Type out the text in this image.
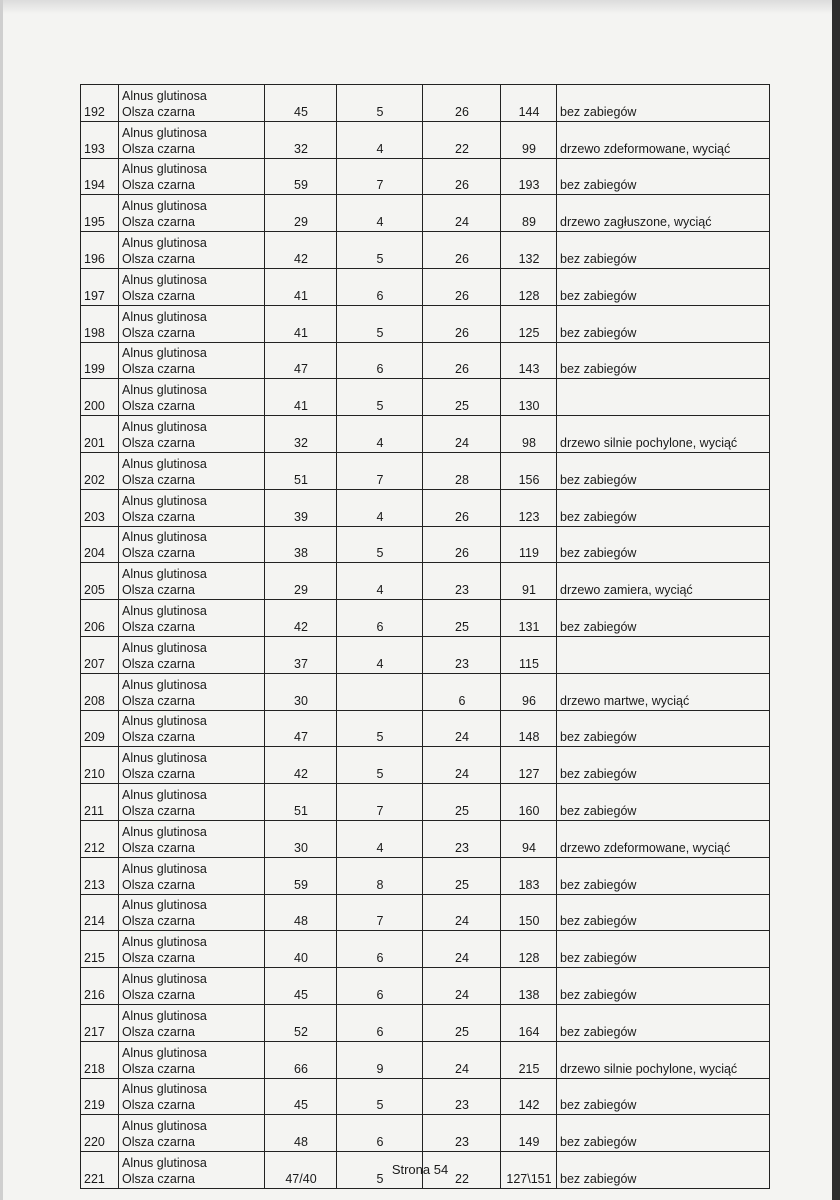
192	Alnus glutinosa
Olsza czarna	45	5	26	144	bez zabiegów
193	Alnus glutinosa
Olsza czarna	32	4	22	99	drzewo zdeformowane, wyciąć
194	Alnus glutinosa
Olsza czarna	59	7	26	193	bez zabiegów
195	Alnus glutinosa
Olsza czarna	29	4	24	89	drzewo zagłuszone, wyciąć
196	Alnus glutinosa
Olsza czarna	42	5	26	132	bez zabiegów
197	Alnus glutinosa
Olsza czarna	41	6	26	128	bez zabiegów
198	Alnus glutinosa
Olsza czarna	41	5	26	125	bez zabiegów
199	Alnus glutinosa
Olsza czarna	47	6	26	143	bez zabiegów
200	Alnus glutinosa
Olsza czarna	41	5	25	130	
201	Alnus glutinosa
Olsza czarna	32	4	24	98	drzewo silnie pochylone, wyciąć
202	Alnus glutinosa
Olsza czarna	51	7	28	156	bez zabiegów
203	Alnus glutinosa
Olsza czarna	39	4	26	123	bez zabiegów
204	Alnus glutinosa
Olsza czarna	38	5	26	119	bez zabiegów
205	Alnus glutinosa
Olsza czarna	29	4	23	91	drzewo zamiera, wyciąć
206	Alnus glutinosa
Olsza czarna	42	6	25	131	bez zabiegów
207	Alnus glutinosa
Olsza czarna	37	4	23	115	
208	Alnus glutinosa
Olsza czarna	30		6	96	drzewo martwe, wyciąć
209	Alnus glutinosa
Olsza czarna	47	5	24	148	bez zabiegów
210	Alnus glutinosa
Olsza czarna	42	5	24	127	bez zabiegów
211	Alnus glutinosa
Olsza czarna	51	7	25	160	bez zabiegów
212	Alnus glutinosa
Olsza czarna	30	4	23	94	drzewo zdeformowane, wyciąć
213	Alnus glutinosa
Olsza czarna	59	8	25	183	bez zabiegów
214	Alnus glutinosa
Olsza czarna	48	7	24	150	bez zabiegów
215	Alnus glutinosa
Olsza czarna	40	6	24	128	bez zabiegów
216	Alnus glutinosa
Olsza czarna	45	6	24	138	bez zabiegów
217	Alnus glutinosa
Olsza czarna	52	6	25	164	bez zabiegów
218	Alnus glutinosa
Olsza czarna	66	9	24	215	drzewo silnie pochylone, wyciąć
219	Alnus glutinosa
Olsza czarna	45	5	23	142	bez zabiegów
220	Alnus glutinosa
Olsza czarna	48	6	23	149	bez zabiegów
221	Alnus glutinosa
Olsza czarna	47/40	5	22	127\151	bez zabiegów
Strona 54
